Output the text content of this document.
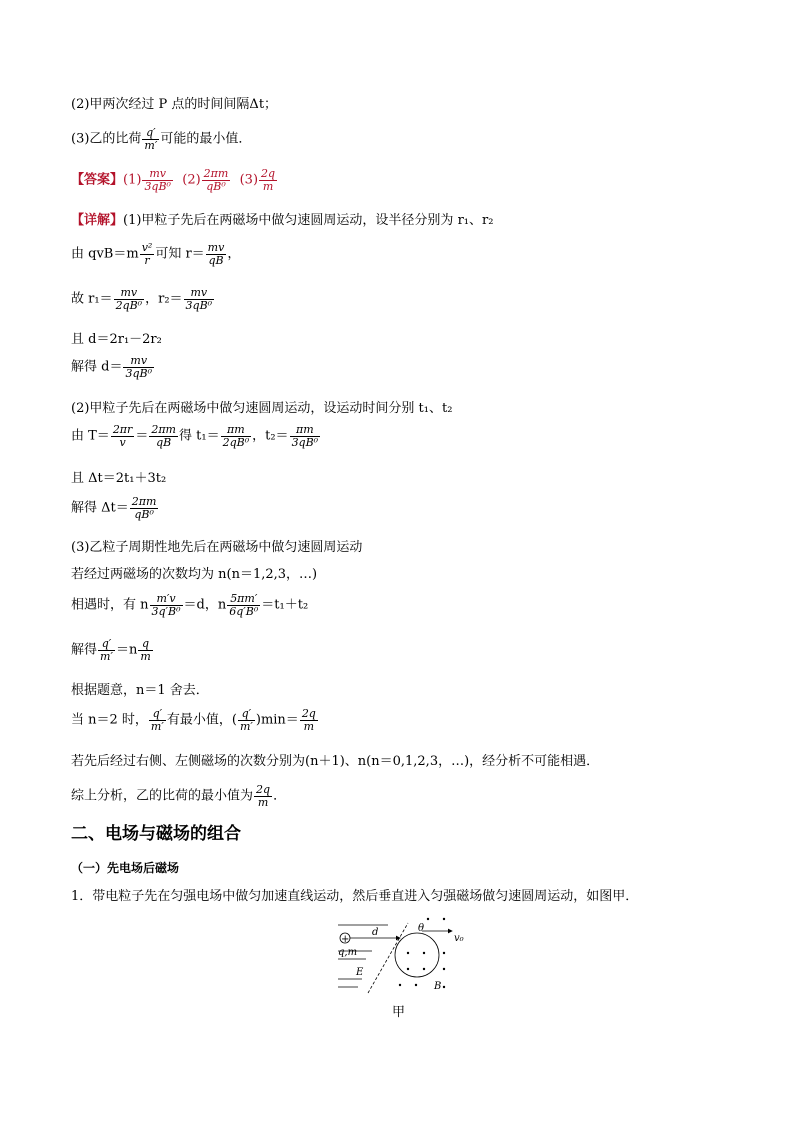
(2)甲两次经过 P 点的时间间隔Δt；
(3)乙的比荷 $\frac{q'}{m'}$ 可能的最小值．
【答案】$(1) \frac{mv}{\text{3qB⁰}} (2) \frac{2\pi m}{\text{qB⁰}} (3) \frac{2q}{m}$
【详解】(1)甲粒子先后在两磁场中做匀速圆周运动，设半径分别为 r₁、r₂
由 $qvB=m \frac{\text{v²}}{r}$ 可知 $r= \frac{mv}{qB}$ ，
故 $r_1= \frac{mv}{\text{2qB⁰}}$ ，$r_2= \frac{mv}{\text{3qB⁰}}$
且 d＝2r₁－2r₂
解得 $d= \frac{mv}{\text{3qB⁰}}$
(2)甲粒子先后在两磁场中做匀速圆周运动，设运动时间分别 t₁、t₂
由 $T= \frac{2\pi r}{v} = \frac{2\pi m}{qB}$ 得 $t_1= \frac{\pi m}{\text{2qB⁰}}$ ，$t_2= \frac{\pi m}{\text{3qB⁰}}$
且 Δt＝2t₁＋3t₂
解得 $\Delta t= \frac{2\pi m}{\text{qB⁰}}$
(3)乙粒子周期性地先后在两磁场中做匀速圆周运动
若经过两磁场的次数均为 n(n＝1,2,3，…)
相遇时，有 n $\frac{m'v}{\text{3q′B⁰}} =d$，n $\frac{5\pi m'}{\text{6q′B⁰}} =t_1+t_2$
解得 $\frac{q'}{m'} =n \frac{q}{m}$
根据题意，n＝1 舍去．
当 n＝2 时， $\frac{q'}{m'}$ 有最小值，( $\frac{q'}{m'} )\min= \frac{2q}{m}$
若先后经过右侧、左侧磁场的次数分别为(n＋1)、n(n＝0,1,2,3，…)，经分析不可能相遇．
综上分析，乙的比荷的最小值为 $\frac{2q}{m}$ ．
二、电场与磁场的组合
（一）先电场后磁场
1．带电粒子先在匀强电场中做匀加速直线运动，然后垂直进入匀强磁场做匀速圆周运动，如图甲．
+
d	θ
v₀
q,m
E
B
甲
